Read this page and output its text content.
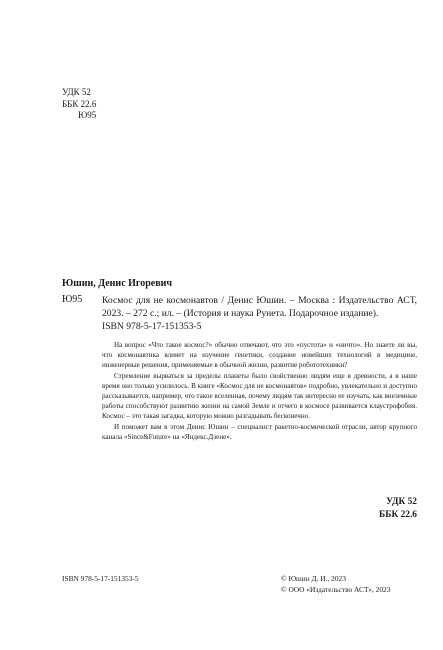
УДК 52
ББК 22.6
Ю95
Юшин, Денис Игоревич
Ю95 Космос для не космонавтов / Денис Юшин. – Москва : Издательство АСТ, 2023. – 272 с.; ил. – (История и наука Рунета. Подарочное издание).
ISBN 978-5-17-151353-5

На вопрос «Что такое космос?» обычно отвечают, что это «пустота» и «ничто». Но знаете ли вы, что космонавтика влияет на изучение генетики, создание новейших технологий в медицине, инженерные решения, применяемые в обычной жизни, развитие робототехники?

Стремление вырваться за пределы планеты было свойственно людям еще в древности, а в наше время оно только усилилось. В книге «Космос для не космонавтов» подробно, увлекательно и доступно рассказывается, например, что такое вселенная, почему людям так интересно ее изучать, как внеземные работы способствуют развитию жизни на самой Земле и отчего в космосе развивается клаустрофобия. Космос – это такая загадка, которую можно разгадывать бесконечно.

И поможет вам в этом Денис Юшин – специалист ракетно-космической отрасли, автор крупного канала «Since&Future» на «Яндекс.Дзене».

УДК 52
ББК 22.6
ISBN 978-5-17-151353-5	© Юшин Д. И., 2023
© ООО «Издательство АСТ», 2023
